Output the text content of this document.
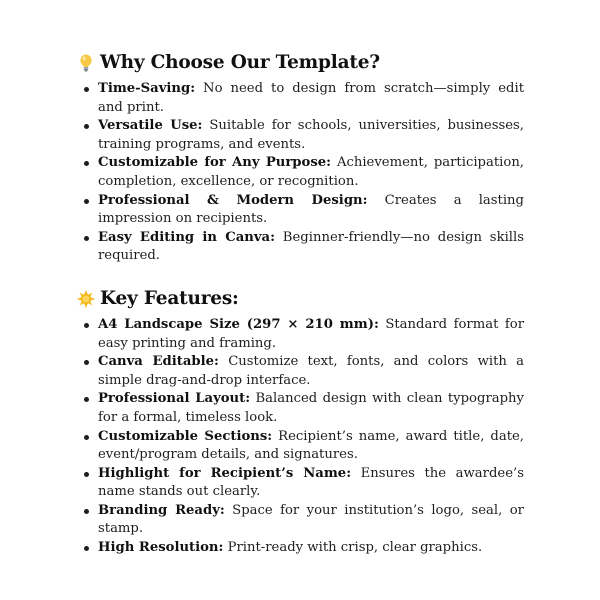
Why Choose Our Template?
Time-Saving: No need to design from scratch—simply edit and print.
Versatile Use: Suitable for schools, universities, businesses, training programs, and events.
Customizable for Any Purpose: Achievement, participation, completion, excellence, or recognition.
Professional & Modern Design: Creates a lasting impression on recipients.
Easy Editing in Canva: Beginner-friendly—no design skills required.
Key Features:
A4 Landscape Size (297 × 210 mm): Standard format for easy printing and framing.
Canva Editable: Customize text, fonts, and colors with a simple drag-and-drop interface.
Professional Layout: Balanced design with clean typography for a formal, timeless look.
Customizable Sections: Recipient’s name, award title, date, event/program details, and signatures.
Highlight for Recipient’s Name: Ensures the awardee’s name stands out clearly.
Branding Ready: Space for your institution’s logo, seal, or stamp.
High Resolution: Print-ready with crisp, clear graphics.
